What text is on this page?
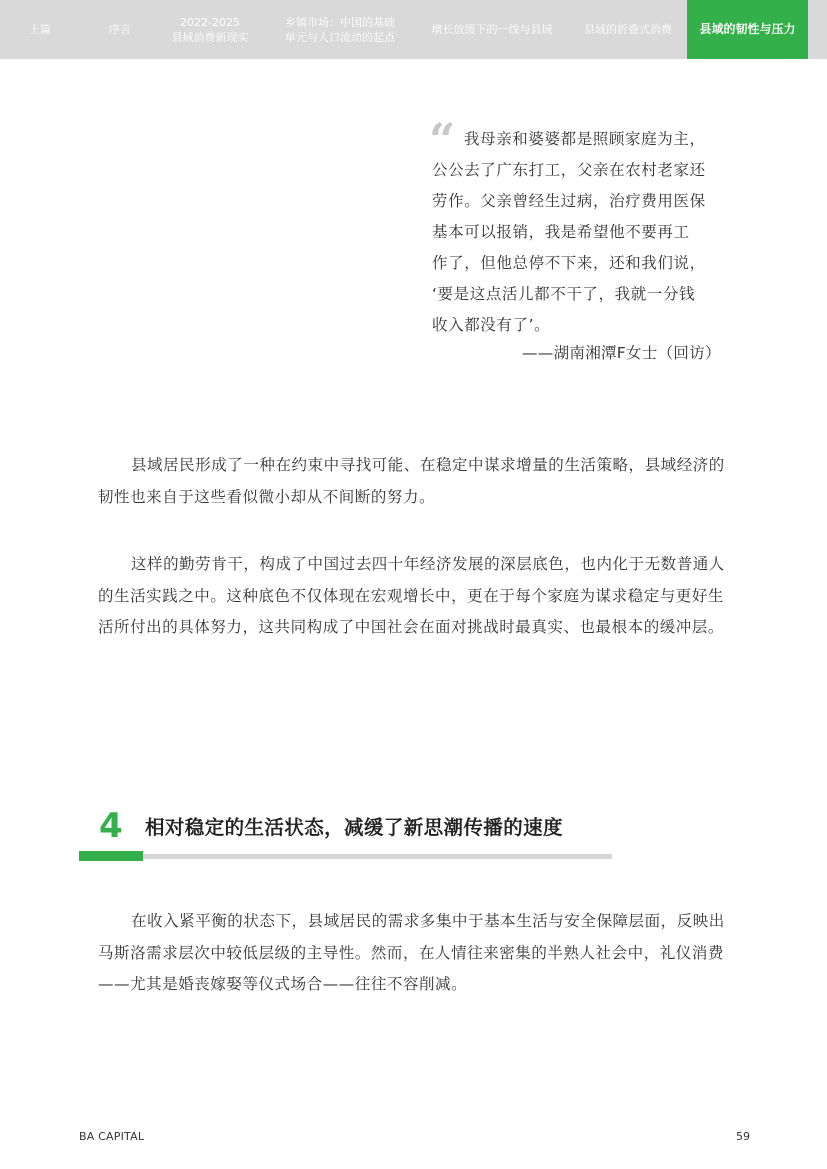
上篇	序言
2022-2025
县域消费新现实
乡镇市场：中国的基础
单元与人口流动的起点
增长放缓下的一线与县域	县域的折叠式消费 县域的韧性与压力
“ 我母亲和婆婆都是照顾家庭为主，
公公去了广东打工，父亲在农村老家还
劳作。父亲曾经生过病，治疗费用医保
基本可以报销，我是希望他不要再工
作了，但他总停不下来，还和我们说，
‘要是这点活儿都不干了，我就一分钱
收入都没有了’。
——湖南湘潭F女士（回访）

县域居民形成了一种在约束中寻找可能、在稳定中谋求增量的生活策略，县域经济的韧性也来自于这些看似微小却从不间断的努力。

这样的勤劳肯干，构成了中国过去四十年经济发展的深层底色，也内化于无数普通人的生活实践之中。这种底色不仅体现在宏观增长中，更在于每个家庭为谋求稳定与更好生活所付出的具体努力，这共同构成了中国社会在面对挑战时最真实、也最根本的缓冲层。

4 相对稳定的生活状态，减缓了新思潮传播的速度

在收入紧平衡的状态下，县域居民的需求多集中于基本生活与安全保障层面，反映出马斯洛需求层次中较低层级的主导性。然而，在人情往来密集的半熟人社会中，礼仪消费——尤其是婚丧嫁娶等仪式场合——往往不容削减。

BA CAPITAL	59
